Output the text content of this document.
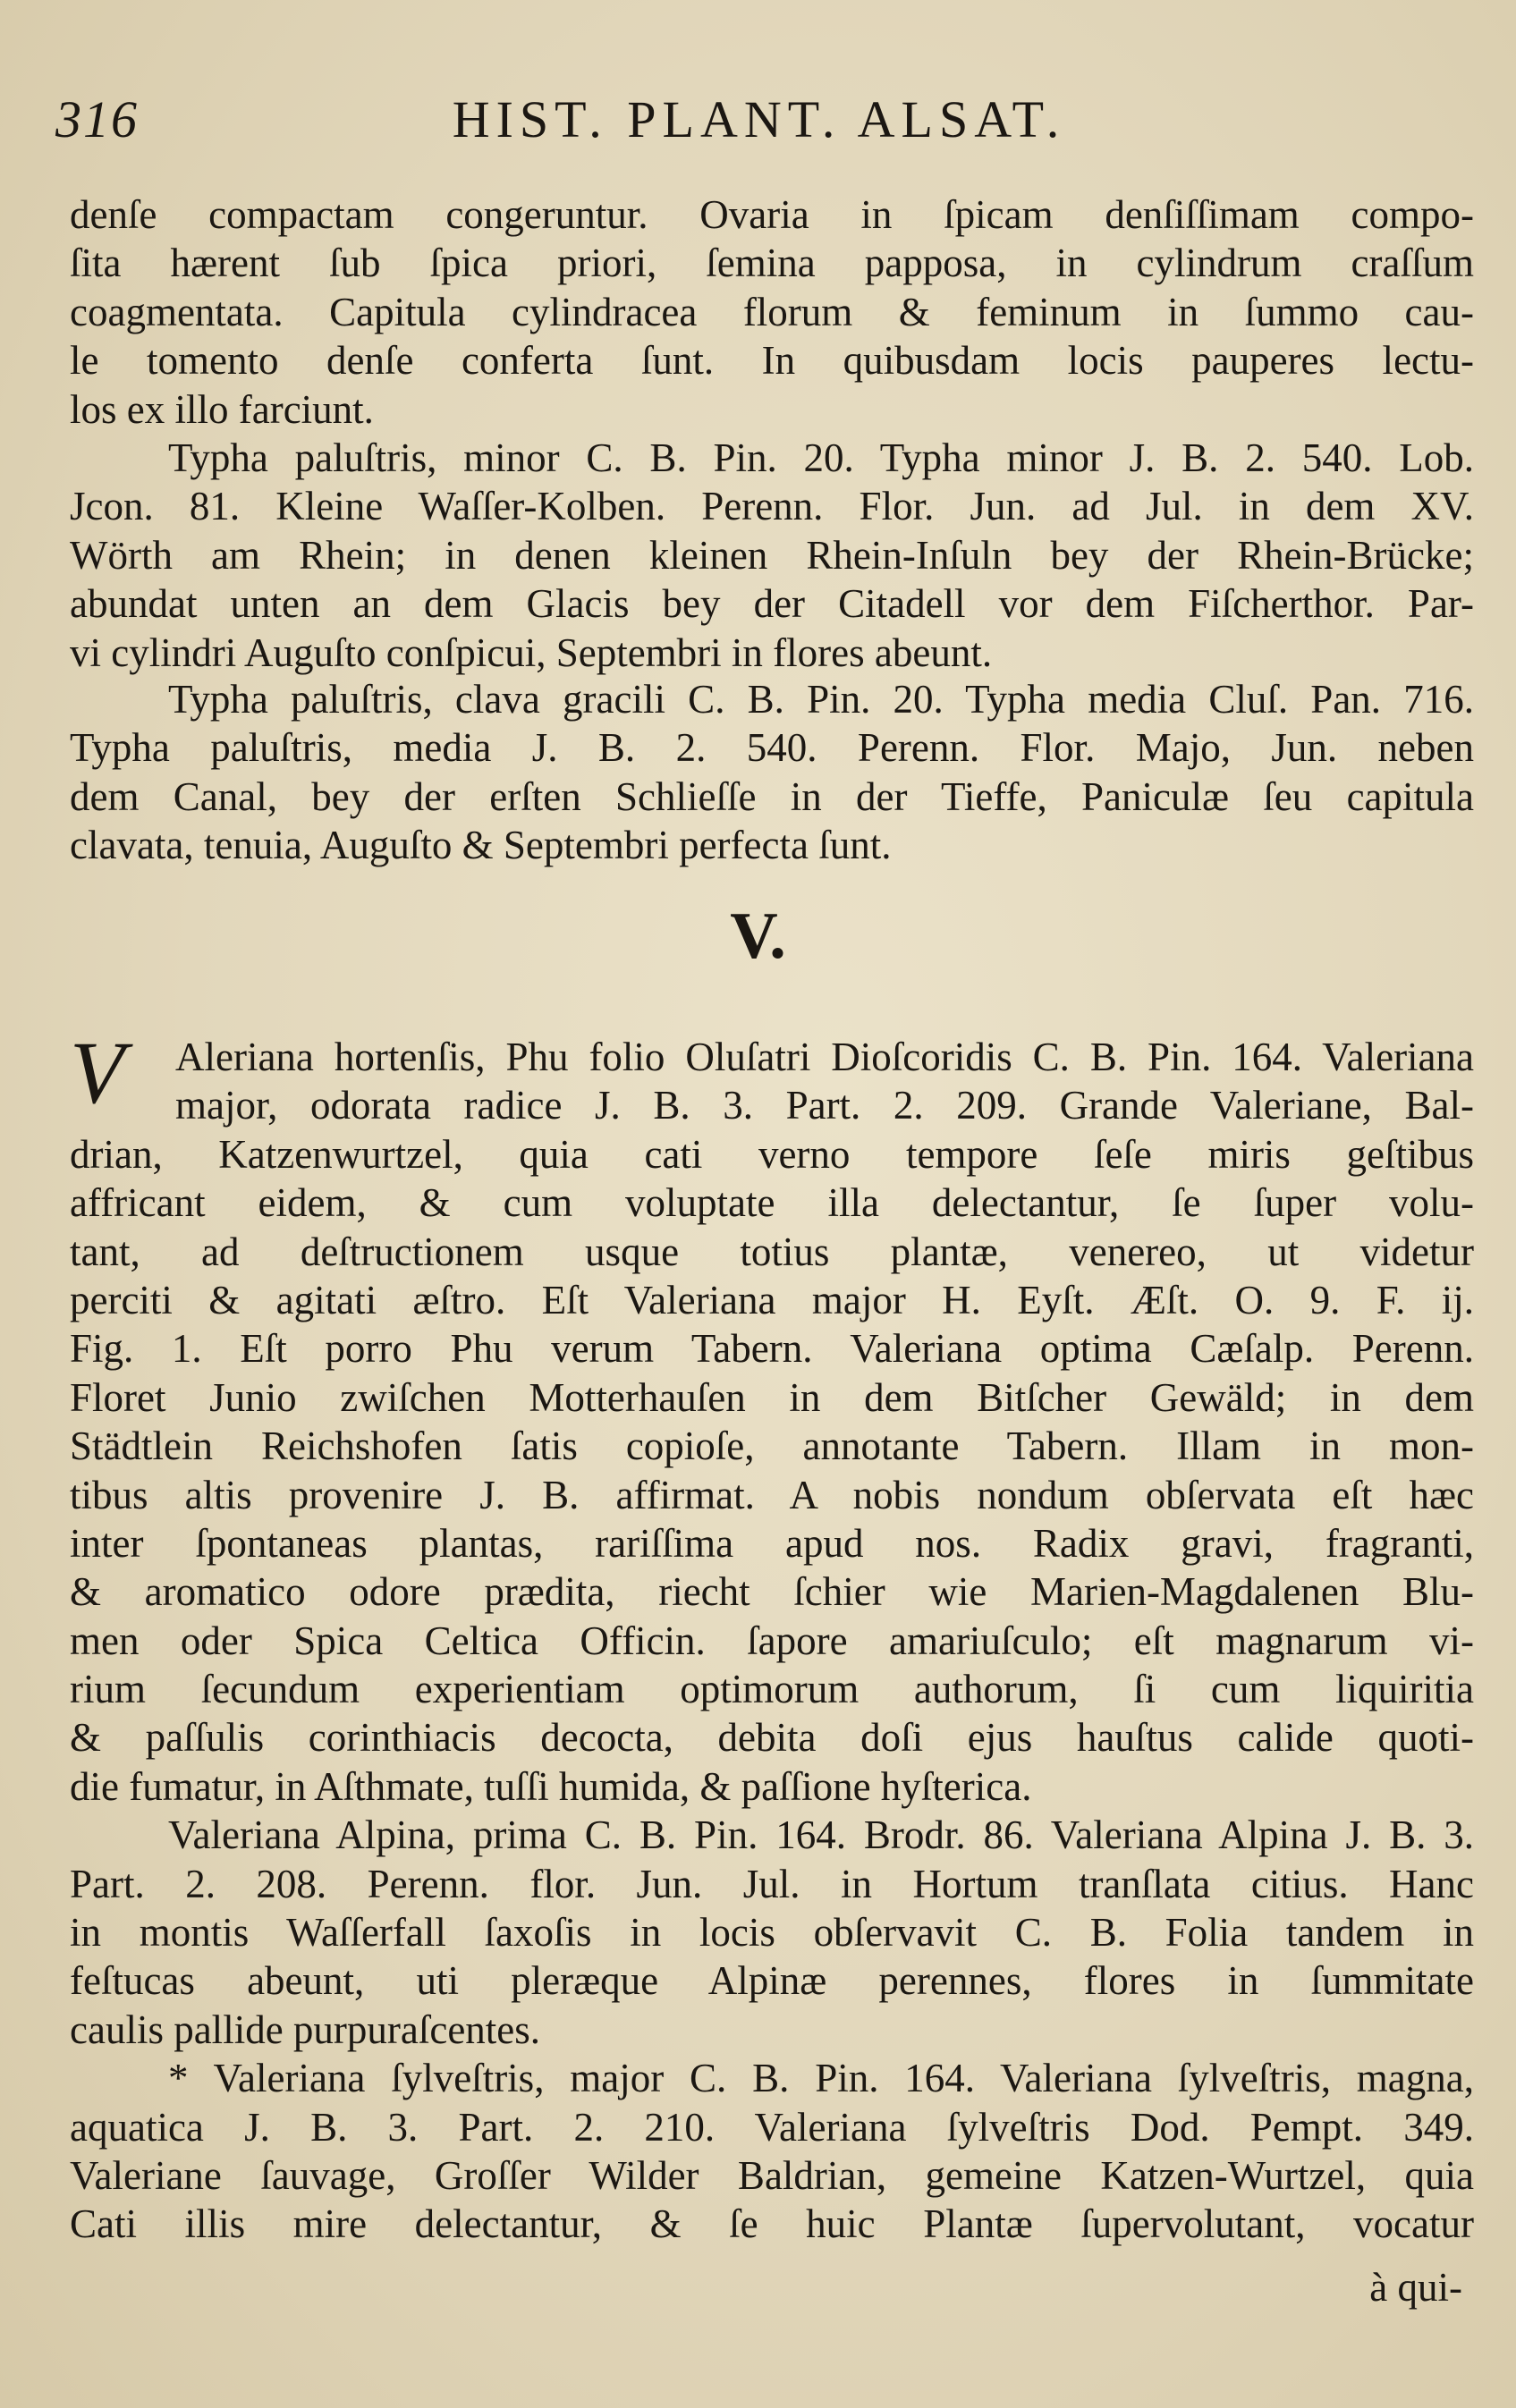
316	HIST. PLANT. ALSAT.
denſe compactam congeruntur. Ovaria in ſpicam denſiſſimam compo-
ſita hærent ſub ſpica priori, ſemina papposa, in cylindrum craſſum
coagmentata. Capitula cylindracea florum & feminum in ſummo cau-
le tomento denſe conferta ſunt. In quibusdam locis pauperes lectu-
los ex illo farciunt.
Typha paluſtris, minor C. B. Pin. 20. Typha minor J. B. 2. 540. Lob.
Jcon. 81. Kleine Waſſer-Kolben. Perenn. Flor. Jun. ad Jul. in dem XV.
Wörth am Rhein; in denen kleinen Rhein-Inſuln bey der Rhein-Brücke;
abundat unten an dem Glacis bey der Citadell vor dem Fiſcherthor. Par-
vi cylindri Auguſto conſpicui, Septembri in flores abeunt.
Typha paluſtris, clava gracili C. B. Pin. 20. Typha media Cluſ. Pan. 716.
Typha paluſtris, media J. B. 2. 540. Perenn. Flor. Majo, Jun. neben
dem Canal, bey der erſten Schlieſſe in der Tieffe, Paniculæ ſeu capitula
clavata, tenuia, Auguſto & Septembri perfecta ſunt.
V.
V	Aleriana hortenſis, Phu folio Oluſatri Dioſcoridis C. B. Pin. 164. Valeriana
major, odorata radice J. B. 3. Part. 2. 209. Grande Valeriane, Bal-
drian, Katzenwurtzel, quia cati verno tempore ſeſe miris geſtibus
affricant eidem, & cum voluptate illa delectantur, ſe ſuper volu-
tant, ad deſtructionem usque totius plantæ, venereo, ut videtur
perciti & agitati æſtro. Eſt Valeriana major H. Eyſt. Æſt. O. 9. F. ij.
Fig. 1. Eſt porro Phu verum Tabern. Valeriana optima Cæſalp. Perenn.
Floret Junio zwiſchen Motterhauſen in dem Bitſcher Gewäld; in dem
Städtlein Reichshofen ſatis copioſe, annotante Tabern. Illam in mon-
tibus altis provenire J. B. affirmat. A nobis nondum obſervata eſt hæc
inter ſpontaneas plantas, rariſſima apud nos. Radix gravi, fragranti,
& aromatico odore prædita, riecht ſchier wie Marien-Magdalenen Blu-
men oder Spica Celtica Officin. ſapore amariuſculo; eſt magnarum vi-
rium ſecundum experientiam optimorum authorum, ſi cum liquiritia
& paſſulis corinthiacis decocta, debita doſi ejus hauſtus calide quoti-
die fumatur, in Aſthmate, tuſſi humida, & paſſione hyſterica.
Valeriana Alpina, prima C. B. Pin. 164. Brodr. 86. Valeriana Alpina J. B. 3.
Part. 2. 208. Perenn. flor. Jun. Jul. in Hortum tranſlata citius. Hanc
in montis Waſſerfall ſaxoſis in locis obſervavit C. B. Folia tandem in
feſtucas abeunt, uti pleræque Alpinæ perennes, flores in ſummitate
caulis pallide purpuraſcentes.
* Valeriana ſylveſtris, major C. B. Pin. 164. Valeriana ſylveſtris, magna,
aquatica J. B. 3. Part. 2. 210. Valeriana ſylveſtris Dod. Pempt. 349.
Valeriane ſauvage, Groſſer Wilder Baldrian, gemeine Katzen-Wurtzel, quia
Cati illis mire delectantur, & ſe huic Plantæ ſupervolutant, vocatur
à qui-
